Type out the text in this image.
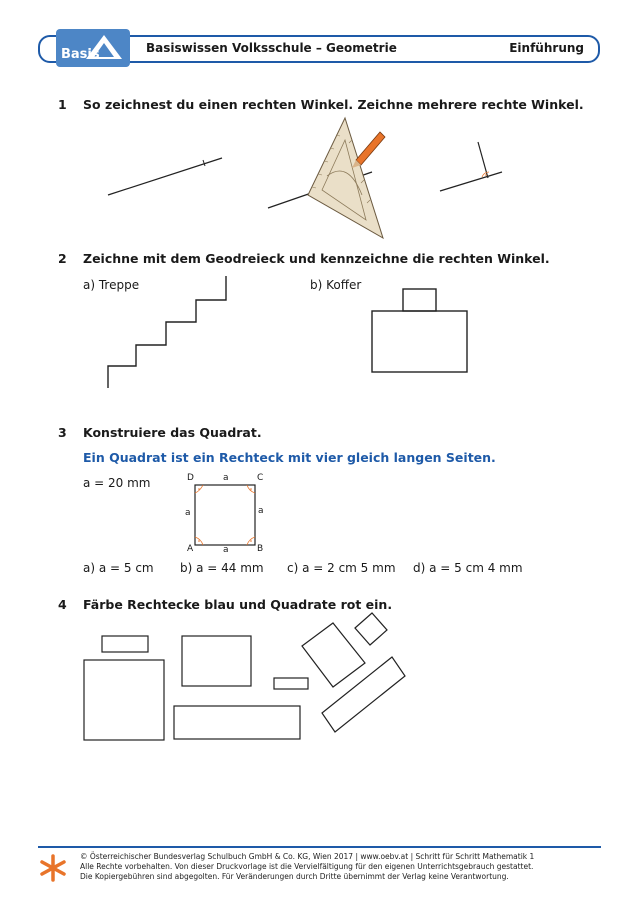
Basis	Basiswissen Volksschule – Geometrie	Einführung
1 So zeichnest du einen rechten Winkel. Zeichne mehrere rechte Winkel.
2 Zeichne mit dem Geodreieck und kennzeichne die rechten Winkel.
a) Treppe	b) Koffer
3 Konstruiere das Quadrat.
Ein Quadrat ist ein Rechteck mit vier gleich langen Seiten.
a = 20 mm	D	C
A	B
a
a
a	a
a) a = 5 cm b) a = 44 mm c) a = 2 cm 5 mm d) a = 5 cm 4 mm
4 Färbe Rechtecke blau und Quadrate rot ein.
© Österreichischer Bundesverlag Schulbuch GmbH & Co. KG, Wien 2017 | www.oebv.at | Schritt für Schritt Mathematik 1
Alle Rechte vorbehalten. Von dieser Druckvorlage ist die Vervielfältigung für den eigenen Unterrichtsgebrauch gestattet.
Die Kopiergebühren sind abgegolten. Für Veränderungen durch Dritte übernimmt der Verlag keine Verantwortung.
